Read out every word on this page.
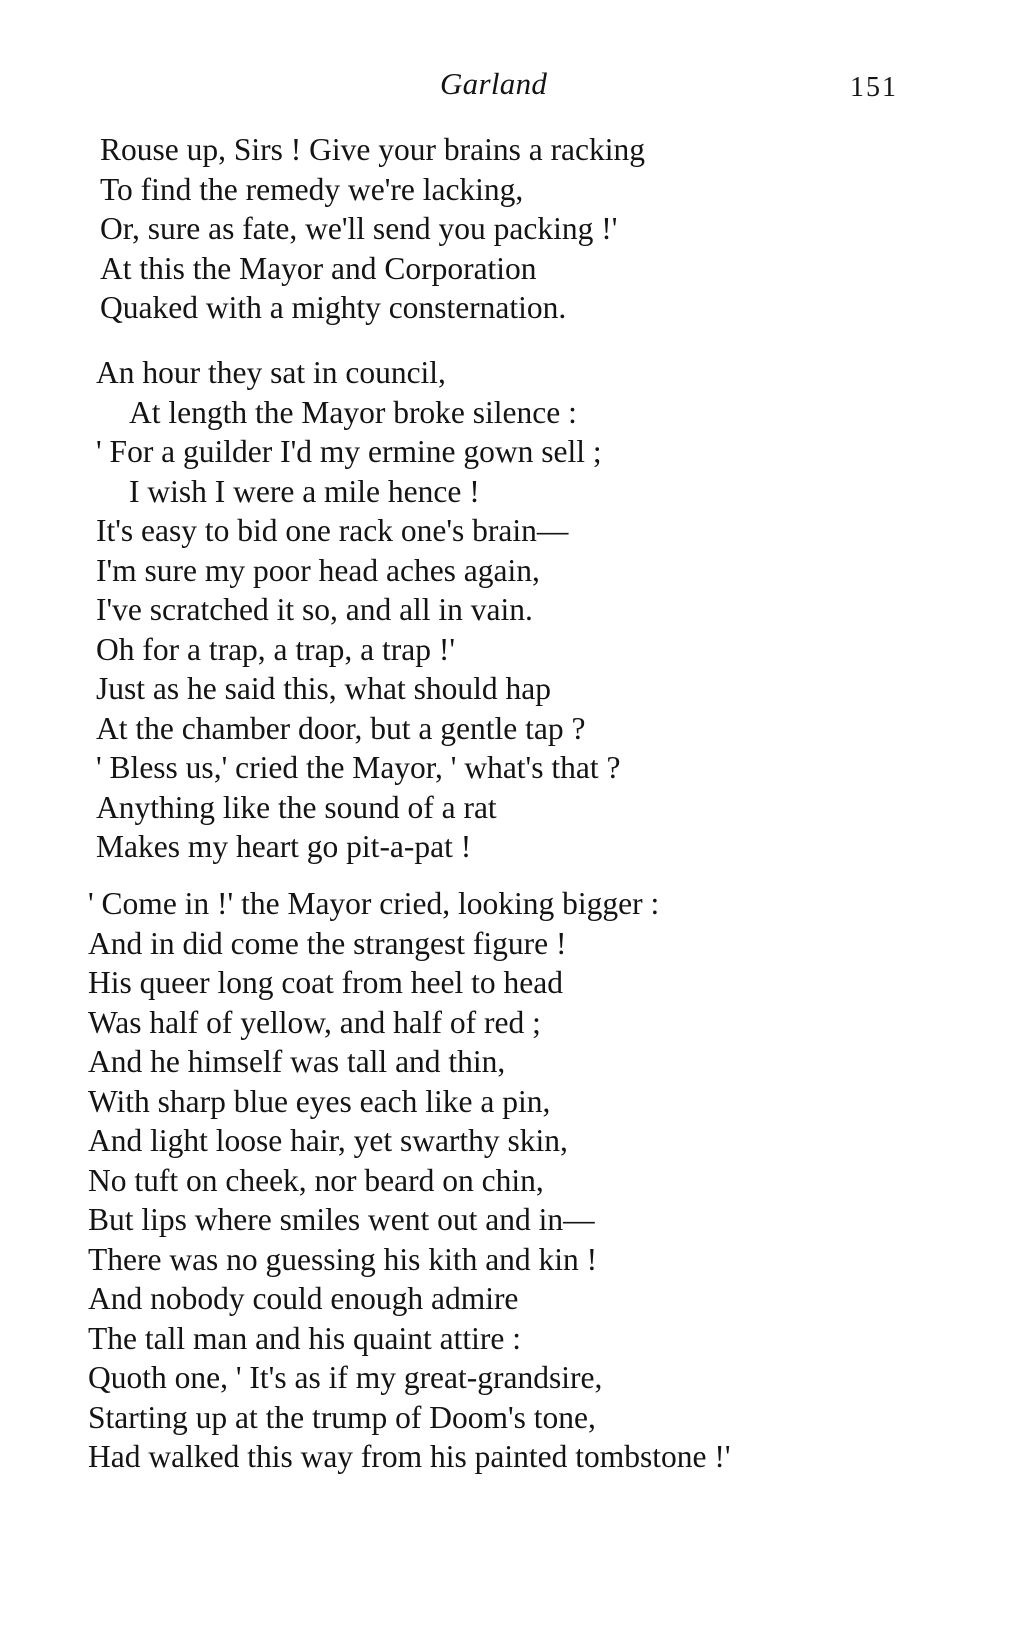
Garland	151
Rouse up, Sirs ! Give your brains a racking
To find the remedy we're lacking,
Or, sure as fate, we'll send you packing !'
At this the Mayor and Corporation
Quaked with a mighty consternation.
An hour they sat in council,
At length the Mayor broke silence :
' For a guilder I'd my ermine gown sell ;
I wish I were a mile hence !
It's easy to bid one rack one's brain—
I'm sure my poor head aches again,
I've scratched it so, and all in vain.
Oh for a trap, a trap, a trap !'
Just as he said this, what should hap
At the chamber door, but a gentle tap ?
' Bless us,' cried the Mayor, ' what's that ?
Anything like the sound of a rat
Makes my heart go pit-a-pat !
' Come in !' the Mayor cried, looking bigger :
And in did come the strangest figure !
His queer long coat from heel to head
Was half of yellow, and half of red ;
And he himself was tall and thin,
With sharp blue eyes each like a pin,
And light loose hair, yet swarthy skin,
No tuft on cheek, nor beard on chin,
But lips where smiles went out and in—
There was no guessing his kith and kin !
And nobody could enough admire
The tall man and his quaint attire :
Quoth one, ' It's as if my great-grandsire,
Starting up at the trump of Doom's tone,
Had walked this way from his painted tombstone !'
